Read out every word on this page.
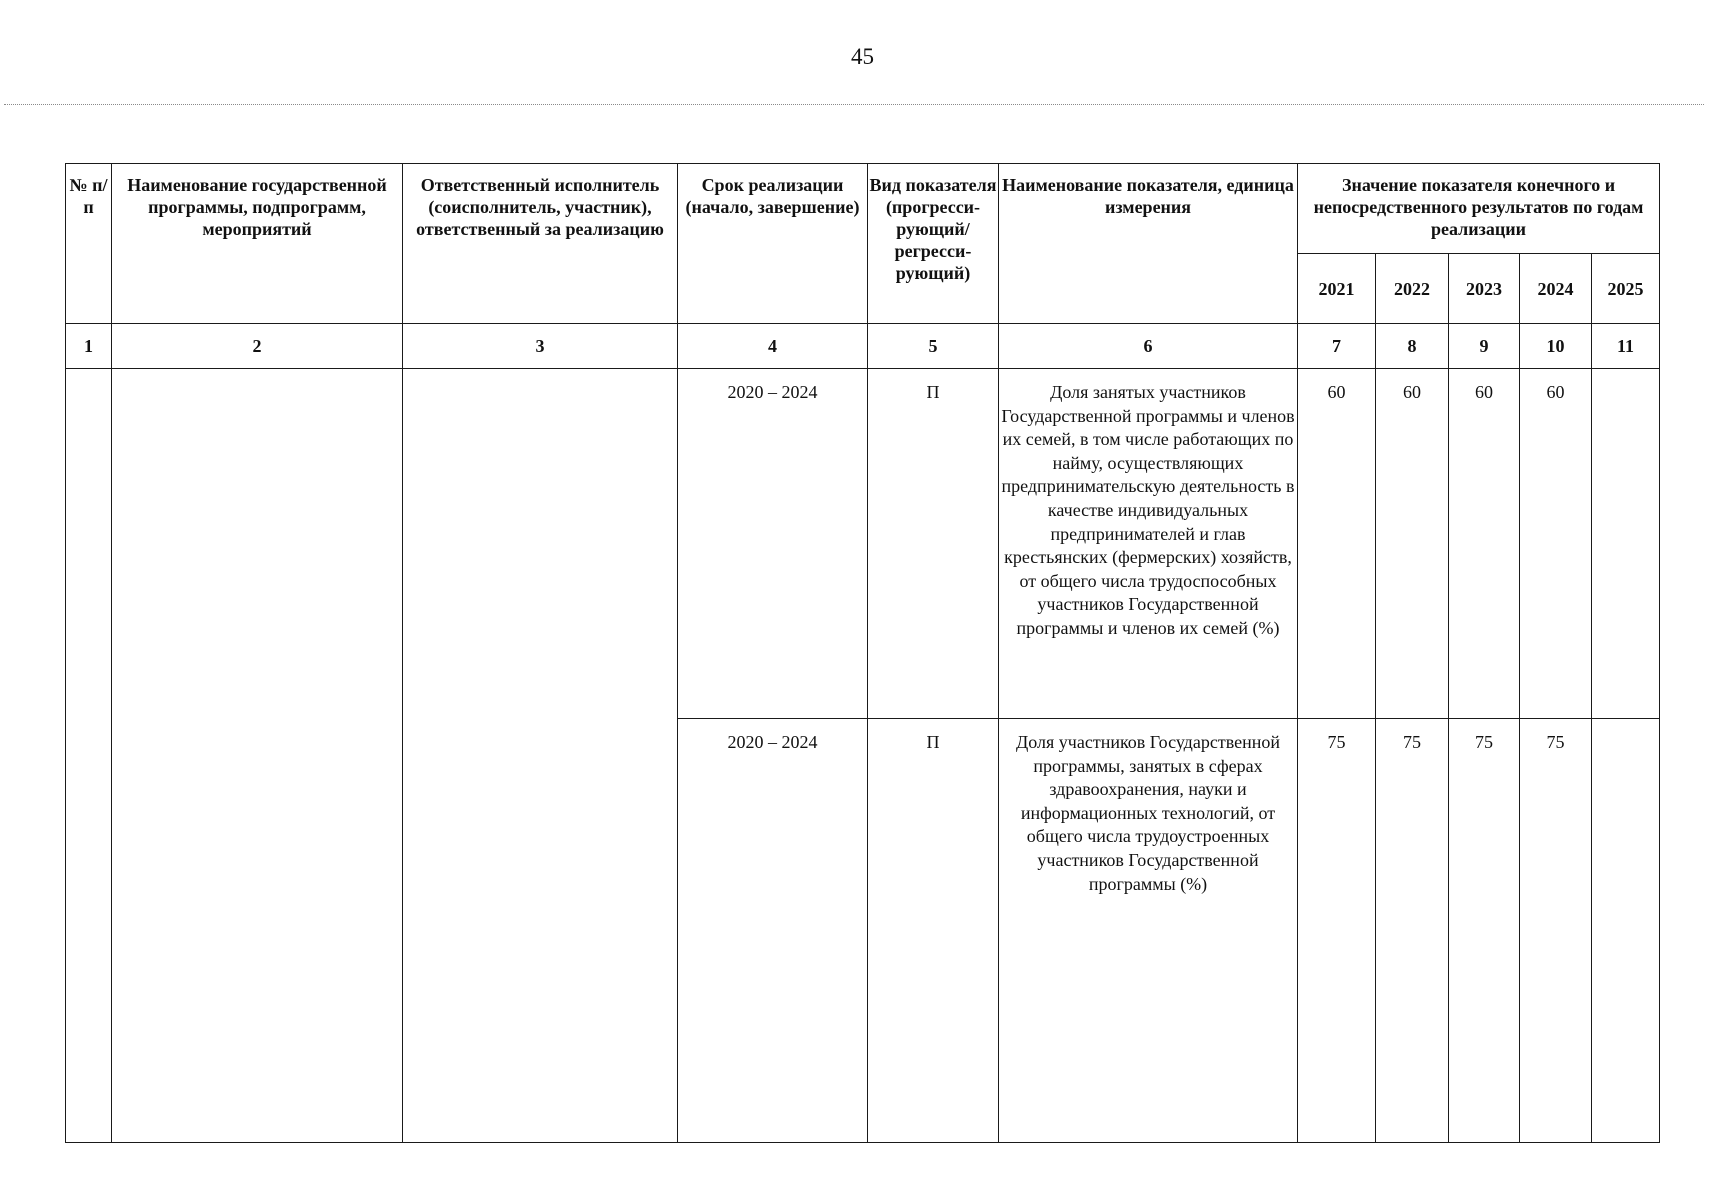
45
№ п/п	Наименование государственной программы, подпрограмм, мероприятий	Ответственный исполнитель (соисполнитель, участник), ответственный за реализацию	Срок реализации (начало, завершение)	Вид показателя (прогресси-рующий/ регресси-рующий)	Наименование показателя, единица измерения	Значение показателя конечного и непосредственного результатов по годам реализации				
						2021	2022	2023	2024	2025
1	2	3	4	5	6	7	8	9	10	11
			2020 – 2024	П	Доля занятых участников Государственной программы и членов их семей, в том числе работающих по найму, осуществляющих предпринимательскую деятельность в качестве индивидуальных предпринимателей и глав крестьянских (фермерских) хозяйств, от общего числа трудоспособных участников Государственной программы и членов их семей (%)	60	60	60	60	
			2020 – 2024	П	Доля участников Государственной программы, занятых в сферах здравоохранения, науки и информационных технологий, от общего числа трудоустроенных участников Государственной программы (%)	75	75	75	75	
